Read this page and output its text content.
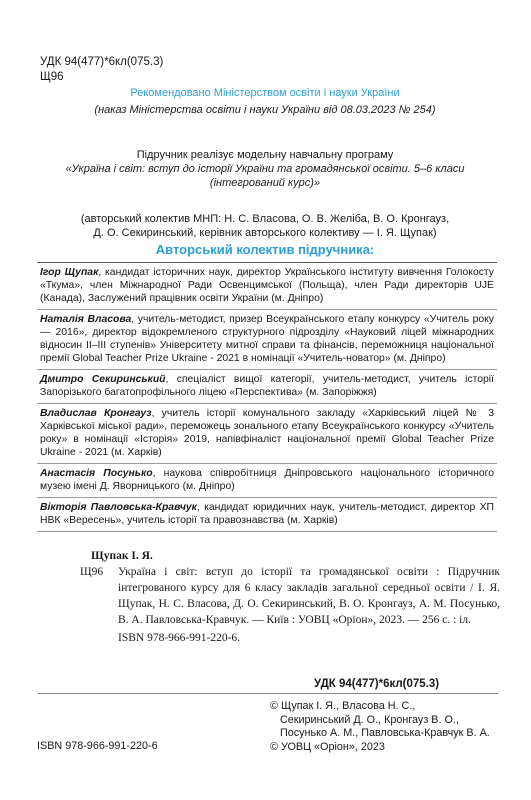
УДК 94(477)*6кл(075.3)
Щ96
Рекомендовано Міністерством освіти і науки України
(наказ Міністерства освіти і науки України від 08.03.2023 № 254)
Підручник реалізує модельну навчальну програму
«Україна і світ: вступ до історії України та громадянської освіти. 5–6 класи
(інтегрований курс)»
(авторський колектив МНП: Н. С. Власова, О. В. Желіба, В. О. Кронгауз,
Д. О. Секиринський, керівник авторського колективу — І. Я. Щупак)
Авторський колектив підручника:

Ігор Щупак, кандидат історичних наук, директор Українського інституту вивчення Голокосту «Ткума», член Міжнародної Ради Освенцимської (Польща), член Ради директорів UJE (Канада), Заслужений працівник освіти України (м. Дніпро)

Наталія Власова, учитель-методист, призер Всеукраїнського етапу конкурсу «Учитель року — 2016», директор відокремленого структурного підрозділу «Науковий ліцей міжнародних відносин ІІ–ІІІ ступенів» Університету митної справи та фінансів, переможниця національної премії Global Teacher Prize Ukraine - 2021 в номінації «Учитель-новатор» (м. Дніпро)

Дмитро Секиринський, спеціаліст вищої категорії, учитель-методист, учитель історії Запорізького багатопрофільного ліцею «Перспектива» (м. Запоріжжя)

Владислав Кронгауз, учитель історії комунального закладу «Харківський ліцей № 3 Харківської міської ради», переможець зонального етапу Всеукраїнського конкурсу «Учитель року» в номінації «Історія» 2019, напівфіналіст національної премії Global Teacher Prize Ukraine - 2021 (м. Харків)

Анастасія Посунько, наукова співробітниця Дніпровського національного історичного музею імені Д. Яворницького (м. Дніпро)

Вікторія Павловська-Кравчук, кандидат юридичних наук, учитель-методист, директор ХП НВК «Вересень», учитель історії та правознавства (м. Харків)

Щупак І. Я.
Щ96	Україна і світ: вступ до історії та громадянської освіти : Підручник інтегрованого курсу для 6 класу закладів загальної середньої освіти / І. Я. Щупак, Н. С. Власова, Д. О. Секиринський, В. О. Кронгауз, А. М. Посунько, В. А. Павловська-Кравчук. — Київ : УОВЦ «Оріон», 2023. — 256 с. : іл.
ISBN 978-966-991-220-6.
УДК 94(477)*6кл(075.3)
© Щупак І. Я., Власова Н. С.,
Секиринський Д. О., Кронгауз В. О.,
Посунько А. М., Павловська-Кравчук В. А.
© УОВЦ «Оріон», 2023
ISBN 978-966-991-220-6
